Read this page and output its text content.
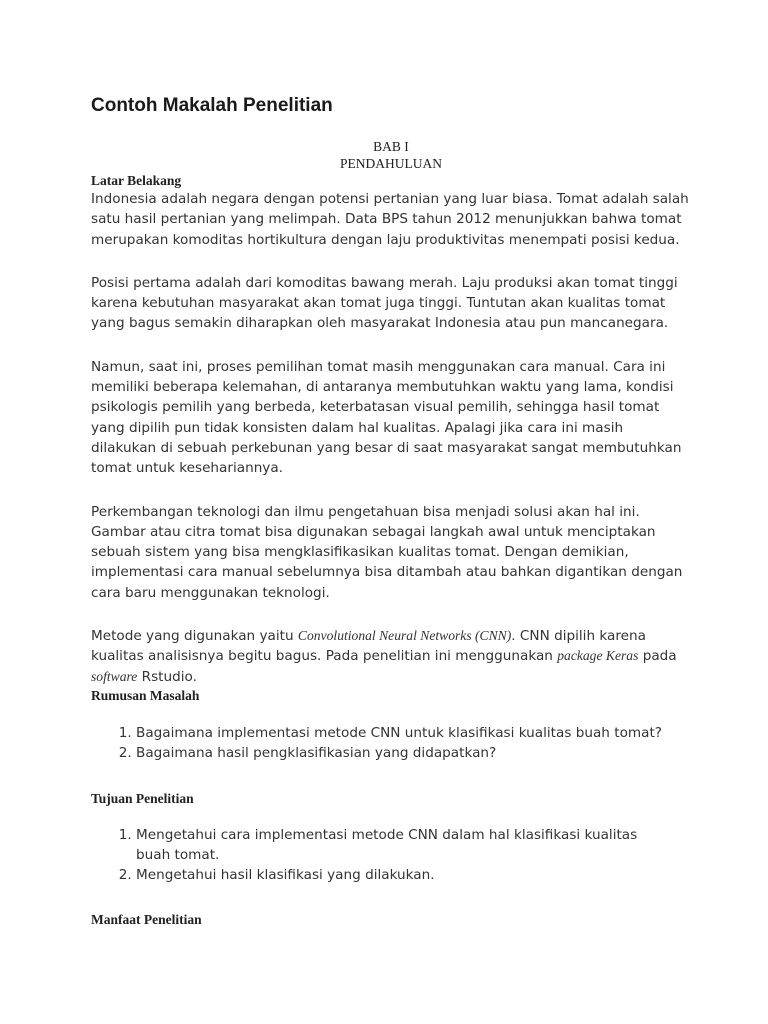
Contoh Makalah Penelitian
BAB I
PENDAHULUAN
Latar Belakang

Indonesia adalah negara dengan potensi pertanian yang luar biasa. Tomat adalah salah satu hasil pertanian yang melimpah. Data BPS tahun 2012 menunjukkan bahwa tomat merupakan komoditas hortikultura dengan laju produktivitas menempati posisi kedua.

Posisi pertama adalah dari komoditas bawang merah. Laju produksi akan tomat tinggi karena kebutuhan masyarakat akan tomat juga tinggi. Tuntutan akan kualitas tomat yang bagus semakin diharapkan oleh masyarakat Indonesia atau pun mancanegara.

Namun, saat ini, proses pemilihan tomat masih menggunakan cara manual. Cara ini memiliki beberapa kelemahan, di antaranya membutuhkan waktu yang lama, kondisi psikologis pemilih yang berbeda, keterbatasan visual pemilih, sehingga hasil tomat yang dipilih pun tidak konsisten dalam hal kualitas. Apalagi jika cara ini masih dilakukan di sebuah perkebunan yang besar di saat masyarakat sangat membutuhkan tomat untuk kesehariannya.

Perkembangan teknologi dan ilmu pengetahuan bisa menjadi solusi akan hal ini. Gambar atau citra tomat bisa digunakan sebagai langkah awal untuk menciptakan sebuah sistem yang bisa mengklasifikasikan kualitas tomat. Dengan demikian, implementasi cara manual sebelumnya bisa ditambah atau bahkan digantikan dengan cara baru menggunakan teknologi.

Metode yang digunakan yaitu Convolutional Neural Networks (CNN). CNN dipilih karena kualitas analisisnya begitu bagus. Pada penelitian ini menggunakan package Keras pada software Rstudio.

Rumusan Masalah
1. Bagaimana implementasi metode CNN untuk klasifikasi kualitas buah tomat?
2. Bagaimana hasil pengklasifikasian yang didapatkan?
Tujuan Penelitian
1. Mengetahui cara implementasi metode CNN dalam hal klasifikasi kualitas buah tomat.
2. Mengetahui hasil klasifikasi yang dilakukan.
Manfaat Penelitian
